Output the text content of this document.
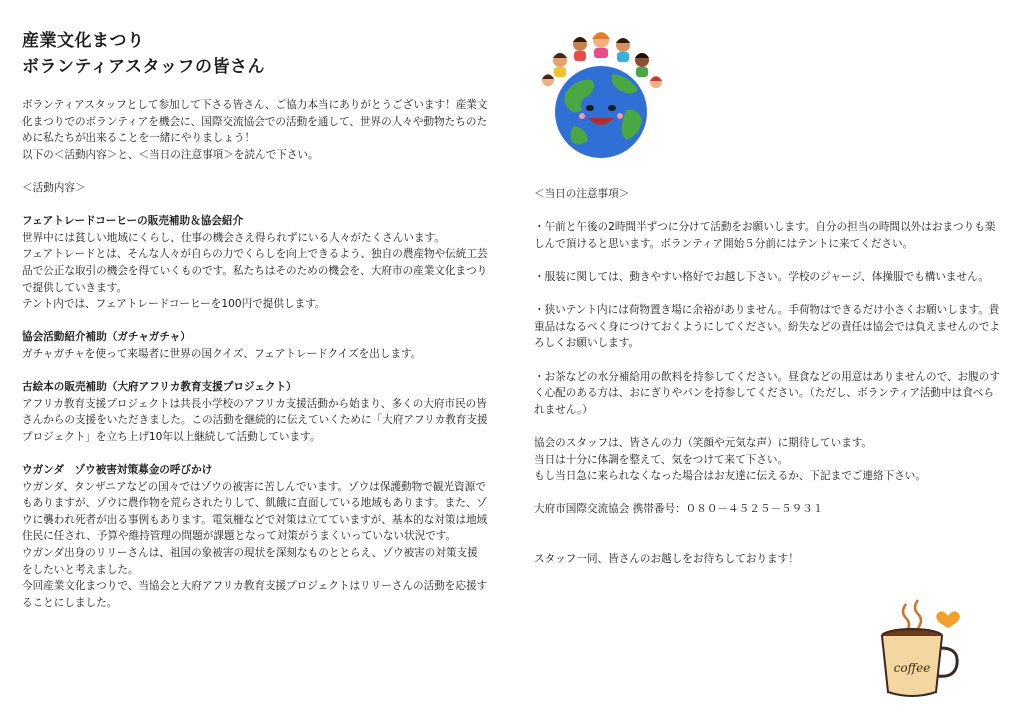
産業文化まつり
ボランティアスタッフの皆さん

ボランティアスタッフとして参加して下さる皆さん、ご協力本当にありがとうございます！産業文化まつりでのボランティアを機会に、国際交流協会での活動を通して、世界の人々や動物たちのために私たちが出来ることを一緒にやりましょう！

以下の＜活動内容＞と、＜当日の注意事項＞を読んで下さい。

＜活動内容＞

フェアトレードコーヒーの販売補助＆協会紹介

世界中には貧しい地域にくらし、仕事の機会さえ得られずにいる人々がたくさんいます。

フェアトレードとは、そんな人々が自らの力でくらしを向上できるよう、独自の農産物や伝統工芸品で公正な取引の機会を得ていくものです。私たちはそのための機会を、大府市の産業文化まつりで提供していきます。

テント内では、フェアトレードコーヒーを100円で提供します。

協会活動紹介補助（ガチャガチャ）

ガチャガチャを使って来場者に世界の国クイズ、フェアトレードクイズを出します。

古絵本の販売補助（大府アフリカ教育支援プロジェクト）

アフリカ教育支援プロジェクトは共長小学校のアフリカ支援活動から始まり、多くの大府市民の皆さんからの支援をいただきました。この活動を継続的に伝えていくために「大府アフリカ教育支援プロジェクト」を立ち上げ10年以上継続して活動しています。

ウガンダ　ゾウ被害対策募金の呼びかけ

ウガンダ、タンザニアなどの国々ではゾウの被害に苦しんでいます。ゾウは保護動物で観光資源でもありますが、ゾウに農作物を荒らされたりして、飢餓に直面している地域もあります。また、ゾウに襲われ死者が出る事例もあります。電気柵などで対策は立てていますが、基本的な対策は地域住民に任され、予算や維持管理の問題が課題となって対策がうまくいっていない状況です。

ウガンダ出身のリリーさんは、祖国の象被害の現状を深刻なものととらえ、ゾウ被害の対策支援をしたいと考えました。

今回産業文化まつりで、当協会と大府アフリカ教育支援プロジェクトはリリーさんの活動を応援することにしました。

＜当日の注意事項＞

・午前と午後の2時間半ずつに分けて活動をお願いします。自分の担当の時間以外はおまつりも楽しんで頂けると思います。ボランティア開始５分前にはテントに来てください。

・服装に関しては、動きやすい格好でお越し下さい。学校のジャージ、体操服でも構いません。

・狭いテント内には荷物置き場に余裕がありません。手荷物はできるだけ小さくお願いします。貴重品はなるべく身につけておくようにしてください。紛失などの責任は協会では負えませんのでよろしくお願いします。

・お茶などの水分補給用の飲料を持参してください。昼食などの用意はありませんので、お腹のすく心配のある方は、おにぎりやパンを持参してください。（ただし、ボランティア活動中は食べられません。）

協会のスタッフは、皆さんの力（笑顔や元気な声）に期待しています。

当日は十分に体調を整えて、気をつけて来て下さい。

もし当日急に来られなくなった場合はお友達に伝えるか、下記までご連絡下さい。

大府市国際交流協会 携帯番号：０８０－４５２５－５９３１

スタッフ一同、皆さんのお越しをお待ちしております！

coffee
